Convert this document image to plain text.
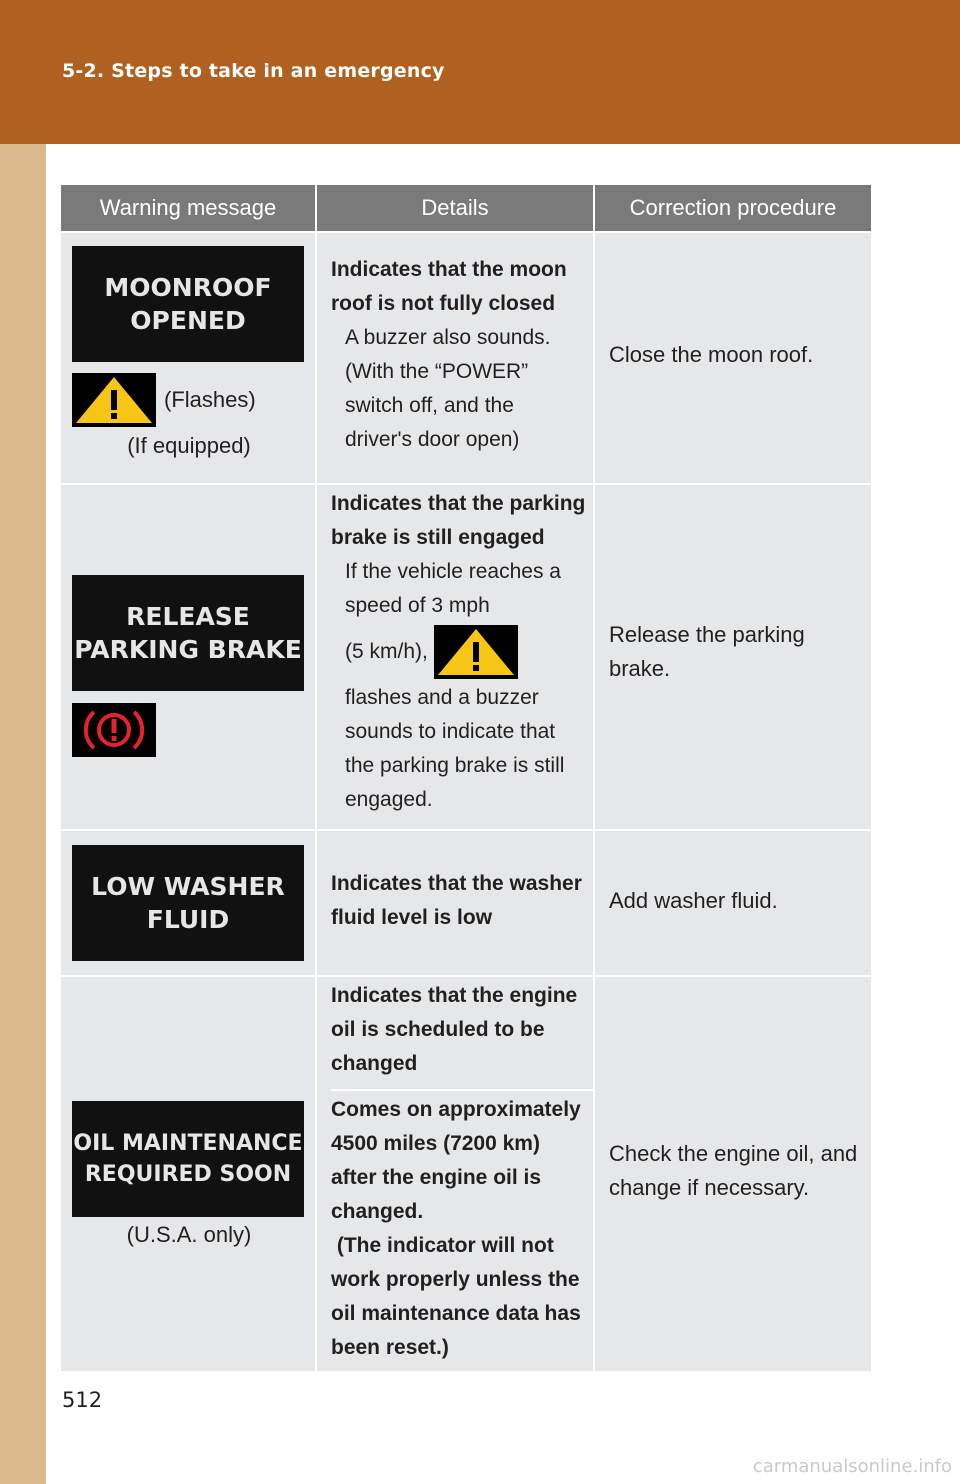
5-2. Steps to take in an emergency
Warning message	Details	Correction procedure
MOONROOF
OPENED
(Flashes)
(If equipped)
Indicates that the moon
roof is not fully closed
A buzzer also sounds.
(With the “POWER”
switch off, and the
driver's door open)
Close the moon roof.
RELEASE
PARKING BRAKE
Indicates that the parking
brake is still engaged
If the vehicle reaches a
speed of 3 mph
(5 km/h),
flashes and a buzzer
sounds to indicate that
the parking brake is still
engaged.
Release the parking
brake.
LOW WASHER
FLUID
Indicates that the washer
fluid level is low
Add washer fluid.
OIL MAINTENANCE
REQUIRED SOON
(U.S.A. only)
Indicates that the engine
oil is scheduled to be
changed
Comes on approximately
4500 miles (7200 km)
after the engine oil is
changed.
(The indicator will not
work properly unless the
oil maintenance data has
been reset.)
Check the engine oil, and
change if necessary.
512
carmanualsonline.info
